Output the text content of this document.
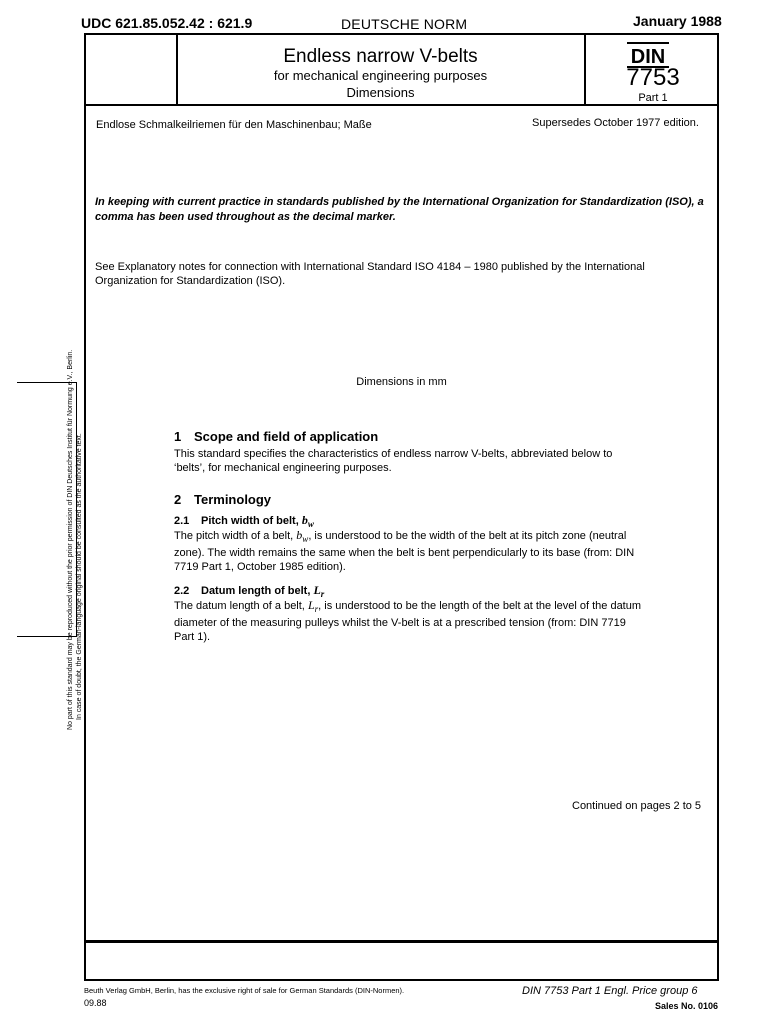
UDC 621.85.052.42 : 621.9	DEUTSCHE NORM	January 1988
Endless narrow V-belts
for mechanical engineering purposes
Dimensions
DIN
7753
Part 1
Endlose Schmalkeilriemen für den Maschinenbau; Maße	Supersedes October 1977 edition.
In keeping with current practice in standards published by the International Organization for Standardization (ISO), a comma has been used throughout as the decimal marker.
See Explanatory notes for connection with International Standard ISO 4184 – 1980 published by the International Organization for Standardization (ISO).
Dimensions in mm
1 Scope and field of application
This standard specifies the characteristics of endless narrow V-belts, abbreviated below to ‘belts’, for mechanical engineering purposes.
2 Terminology
2.1 Pitch width of belt, $b_w$
The pitch width of a belt, $b_w$, is understood to be the width of the belt at its pitch zone (neutral zone). The width remains the same when the belt is bent perpendicularly to its base (from: DIN 7719 Part 1, October 1985 edition).
2.2 Datum length of belt, $L_r$
The datum length of a belt, $L_r$, is understood to be the length of the belt at the level of the datum diameter of the measuring pulleys whilst the V-belt is at a prescribed tension (from: DIN 7719 Part 1).
Continued on pages 2 to 5
No part of this standard may be reproduced without the prior permission of DIN Deutsches Institut für Normung e.V., Berlin. In case of doubt, the German-language original should be consulted as the authoritative text.
Beuth Verlag GmbH, Berlin, has the exclusive right of sale for German Standards (DIN-Normen).
09.88
DIN 7753 Part 1 Engl. Price group 6
Sales No. 0106
